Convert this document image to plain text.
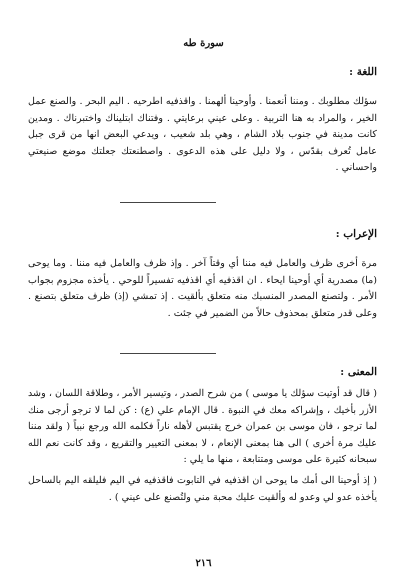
سورة طه

اللغة :

سؤلك مطلوبك . ومننا أنعمنا . وأوحينا ألهمنا . واقذفيه اطرحيه . اليم البحر . والصنع عمل الخير ، والمراد به هنا التربية . وعلى عيني برعايتي . وفتناك ابتليناك واختبرناك . ومدين كانت مدينة في جنوب بلاد الشام ، وهي بلد شعيب ، ويدعي البعض انها من قرى جبل عامل تُعرف بقدّس ، ولا دليل على هذه الدعوى . واصطنعتك جعلتك موضع صنيعتي واحساني .

الإعراب :

مرة أخرى ظرف والعامل فيه مننا أي وقتاً آخر . وإذ ظرف والعامل فيه مننا . وما يوحى (ما) مصدرية أي أوحينا ايحاء . ان اقذفيه أي اقذفيه تفسيراً للوحي . يأخذه مجزوم بجواب الأمر . ولتصنع المصدر المنسبك منه متعلق بألقيت . إذ تمشي (إذ) ظرف متعلق بتصنع . وعلى قدر متعلق بمحذوف حالاً من الضمير في جئت .

المعنى :

( قال قد أوتيت سؤلك يا موسى ) من شرح الصدر ، وتيسير الأمر ، وطلاقة اللسان ، وشد الأزر بأخيك ، وإشراكه معك في النبوة . قال الإمام علي (ع) : كن لما لا ترجو أرجى منك لما ترجو ، فان موسى بن عمران خرج يقتبس لأهله ناراً فكلمه الله ورجع نبياً ( ولقد مننا عليك مرة أخرى ) الى هنا بمعنى الإنعام ، لا بمعنى التعيير والتقريع ، وقد كانت نعم الله سبحانه كثيرة على موسى ومتتابعة ، منها ما يلي :

( إذ أوحينا الى أمك ما يوحى ان اقذفيه في التابوت فاقذفيه في اليم فليلقه اليم بالساحل يأخذه عدو لي وعدو له وألقيت عليك محبة مني ولتُصنع على عيني ) .

٢١٦
